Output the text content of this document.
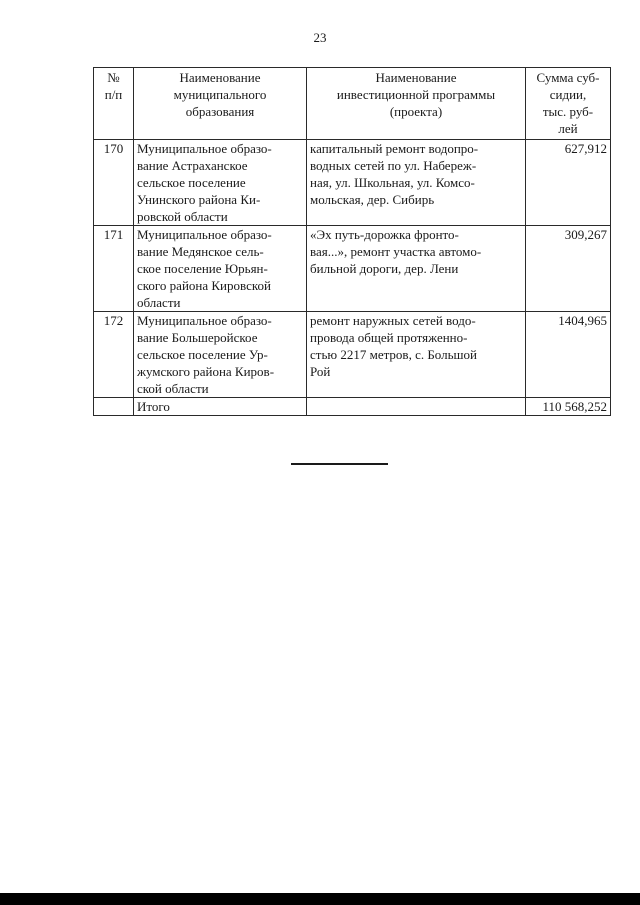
23
№
п/п	Наименование
муниципального
образования	Наименование
инвестиционной программы
(проекта)	Сумма суб-
сидии,
тыс. руб-
лей
170	Муниципальное образо-
вание Астраханское
сельское поселение
Унинского района Ки-
ровской области	капитальный ремонт водопро-
водных сетей по ул. Набереж-
ная, ул. Школьная, ул. Комсо-
мольская, дер. Сибирь	627,912
171	Муниципальное образо-
вание Медянское сель-
ское поселение Юрьян-
ского района Кировской
области	«Эх путь-дорожка фронто-
вая...», ремонт участка автомо-
бильной дороги, дер. Лени	309,267
172	Муниципальное образо-
вание Большеройское
сельское поселение Ур-
жумского района Киров-
ской области	ремонт наружных сетей водо-
провода общей протяженно-
стью 2217 метров, с. Большой
Рой	1404,965
	Итого		110 568,252
